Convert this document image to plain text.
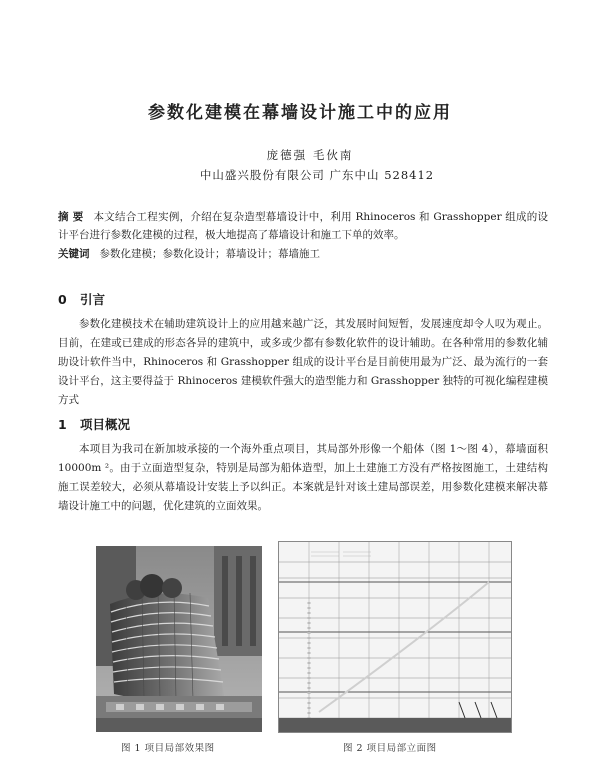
参数化建模在幕墙设计施工中的应用
庞德强 毛伙南
中山盛兴股份有限公司 广东中山 528412
摘 要 本文结合工程实例，介绍在复杂造型幕墙设计中，利用 Rhinoceros 和 Grasshopper 组成的设计平台进行参数化建模的过程，极大地提高了幕墙设计和施工下单的效率。
关键词 参数化建模；参数化设计；幕墙设计；幕墙施工
0 引言
参数化建模技术在辅助建筑设计上的应用越来越广泛，其发展时间短暂，发展速度却令人叹为观止。目前，在建或已建成的形态各异的建筑中，或多或少都有参数化软件的设计辅助。在各种常用的参数化辅助设计软件当中，Rhinoceros 和 Grasshopper 组成的设计平台是目前使用最为广泛、最为流行的一套设计平台，这主要得益于 Rhinoceros 建模软件强大的造型能力和 Grasshopper 独特的可视化编程建模方式
1 项目概况
本项目为我司在新加坡承接的一个海外重点项目，其局部外形像一个船体（图 1～图 4），幕墙面积 10000m ²。由于立面造型复杂，特别是局部为船体造型，加上土建施工方没有严格按图施工，土建结构施工误差较大，必须从幕墙设计安装上予以纠正。本案就是针对该土建局部误差，用参数化建模来解决幕墙设计施工中的问题，优化建筑的立面效果。
图 1 项目局部效果图	图 2 项目局部立面图
